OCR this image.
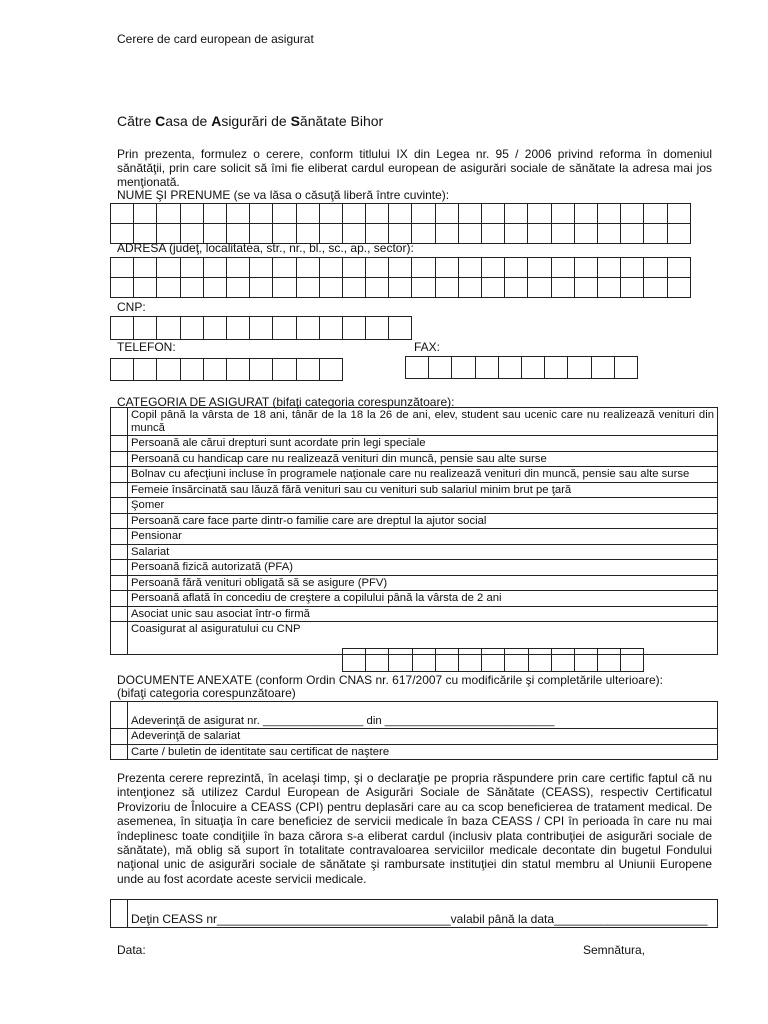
Cerere de card european de asigurat
Către Casa de Asigurări de Sănătate Bihor
Prin prezenta, formulez o cerere, conform titlului IX din Legea nr. 95 / 2006 privind reforma în domeniul sănătăţii, prin care solicit să îmi fie eliberat cardul european de asigurări sociale de sănătate la adresa mai jos menţionată.
NUME ŞI PRENUME (se va lăsa o căsuţă liberă între cuvinte):
ADRESA (judeţ, localitatea, str., nr., bl., sc., ap., sector):
CNP:
TELEFON:	FAX:
CATEGORIA DE ASIGURAT (bifaţi categoria corespunzătoare):
	Copil până la vârsta de 18 ani, tânăr de la 18 la 26 de ani, elev, student sau ucenic care nu realizează venituri din muncă
	Persoană ale cărui drepturi sunt acordate prin legi speciale
	Persoană cu handicap care nu realizează venituri din muncă, pensie sau alte surse
	Bolnav cu afecţiuni incluse în programele naţionale care nu realizează venituri din muncă, pensie sau alte surse
	Femeie însărcinată sau lăuză fără venituri sau cu venituri sub salariul minim brut pe ţară
	Şomer
	Persoană care face parte dintr-o familie care are dreptul la ajutor social
	Pensionar
	Salariat
	Persoană fizică autorizată (PFA)
	Persoană fără venituri obligată să se asigure (PFV)
	Persoană aflată în concediu de creştere a copilului până la vârsta de 2 ani
	Asociat unic sau asociat într-o firmă
	Coasigurat al asiguratului cu CNP
DOCUMENTE ANEXATE (conform Ordin CNAS nr. 617/2007 cu modificările şi completările ulterioare):
(bifaţi categoria corespunzătoare)
	Adeverinţă de asigurat nr. ________________ din ___________________________
	Adeverinţă de salariat
	Carte / buletin de identitate sau certificat de naştere
Prezenta cerere reprezintă, în acelaşi timp, şi o declaraţie pe propria răspundere prin care certific faptul că nu intenţionez să utilizez Cardul European de Asigurări Sociale de Sănătate (CEASS), respectiv Certificatul Provizoriu de Înlocuire a CEASS (CPI) pentru deplasări care au ca scop beneficierea de tratament medical. De asemenea, în situaţia în care beneficiez de servicii medicale în baza CEASS / CPI în perioada în care nu mai îndeplinesc toate condiţiile în baza cărora s-a eliberat cardul (inclusiv plata contribuţiei de asigurări sociale de sănătate), mă oblig să suport în totalitate contravaloarea serviciilor medicale decontate din bugetul Fondului naţional unic de asigurări sociale de sănătate şi rambursate instituţiei din statul membru al Uniunii Europene unde au fost acordate aceste servicii medicale.
	Deţin CEASS nr___________________________________valabil până la data_______________________
Data:	Semnătura,
